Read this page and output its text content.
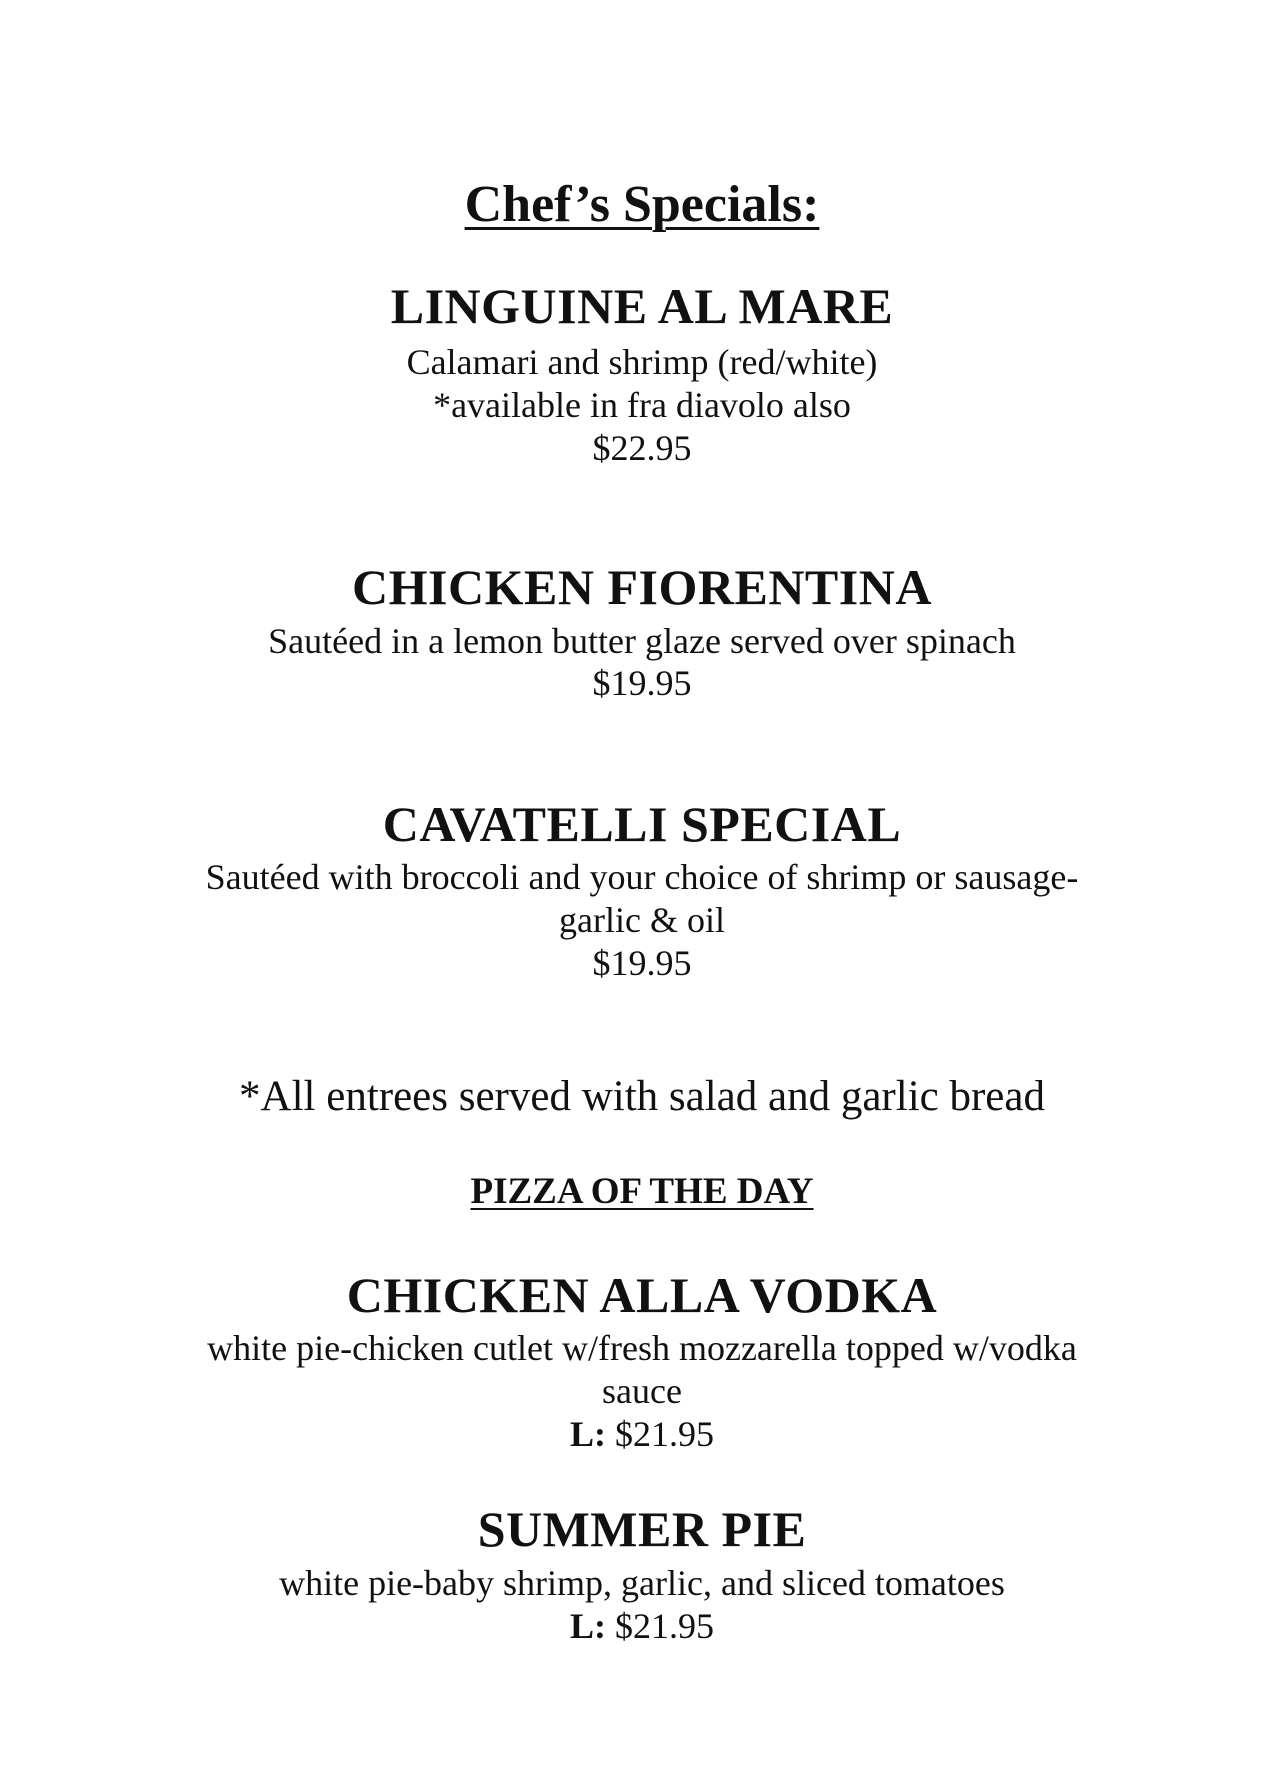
Chef’s Specials:
LINGUINE AL MARE
Calamari and shrimp (red/white)
*available in fra diavolo also
$22.95
CHICKEN FIORENTINA
Sautéed in a lemon butter glaze served over spinach
$19.95
CAVATELLI SPECIAL
Sautéed with broccoli and your choice of shrimp or sausage-
garlic & oil
$19.95
*All entrees served with salad and garlic bread
PIZZA OF THE DAY
CHICKEN ALLA VODKA
white pie-chicken cutlet w/fresh mozzarella topped w/vodka
sauce
L: $21.95
SUMMER PIE
white pie-baby shrimp, garlic, and sliced tomatoes
L: $21.95
